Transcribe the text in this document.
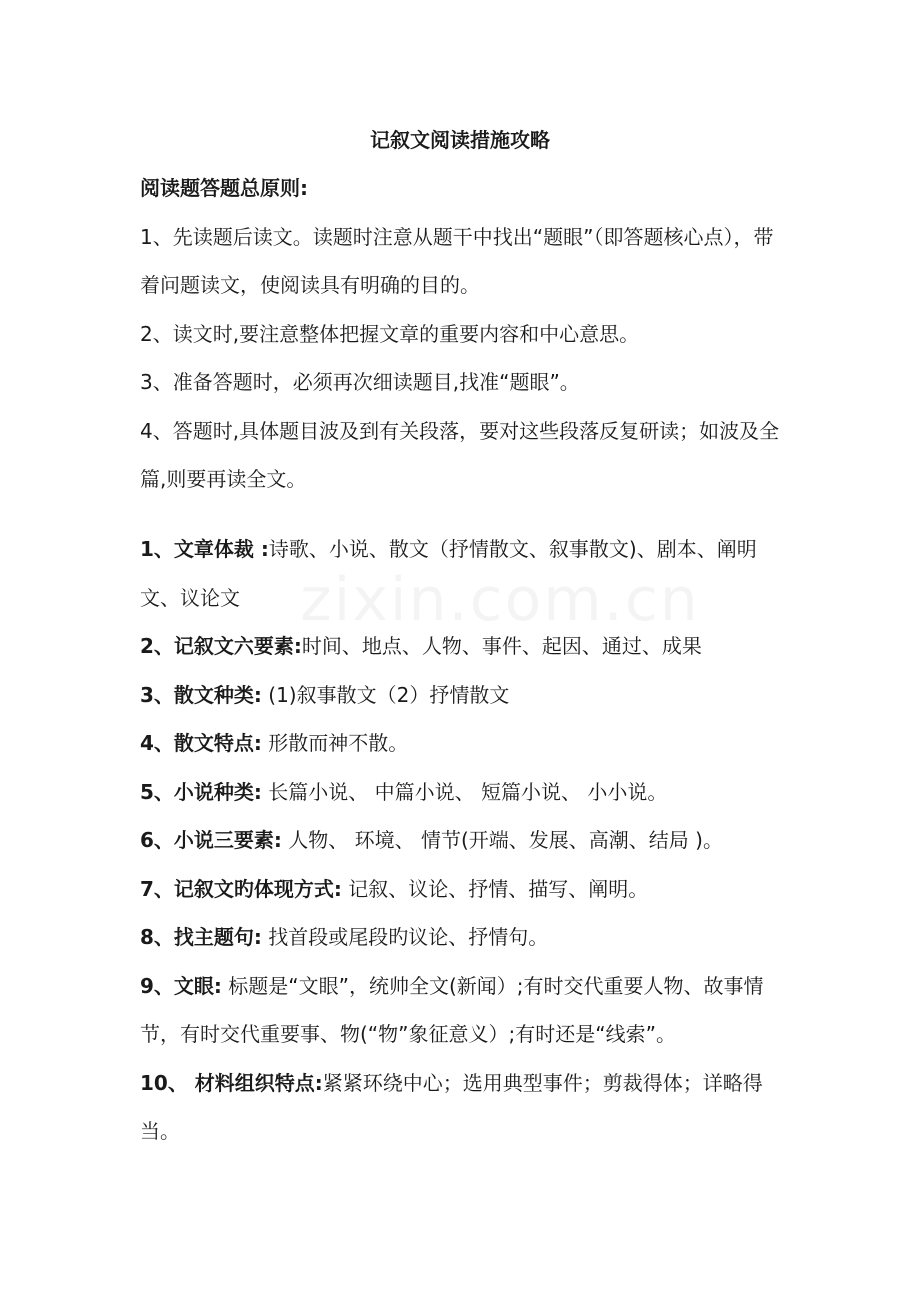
记叙文阅读措施攻略

阅读题答题总原则:

1、先读题后读文。读题时注意从题干中找出“题眼”（即答题核心点），带着问题读文，使阅读具有明确的目的。

2、读文时,要注意整体把握文章的重要内容和中心意思。

3、准备答题时，必须再次细读题目,找准“题眼”。

4、答题时,具体题目波及到有关段落，要对这些段落反复研读；如波及全篇,则要再读全文。

1、文章体裁 :诗歌、小说、散文（抒情散文、叙事散文)、剧本、阐明文、议论文

2、记叙文六要素:时间、地点、人物、事件、起因、通过、成果

3、散文种类: (1)叙事散文（2）抒情散文

4、散文特点: 形散而神不散。

5、小说种类: 长篇小说、 中篇小说、 短篇小说、 小小说。

6、小说三要素: 人物、 环境、 情节(开端、发展、高潮、结局 )。

7、记叙文旳体现方式: 记叙、议论、抒情、描写、阐明。

8、找主题句: 找首段或尾段旳议论、抒情句。

9、文眼: 标题是“文眼”，统帅全文(新闻）;有时交代重要人物、故事情节，有时交代重要事、物(“物”象征意义）;有时还是“线索”。

10、 材料组织特点:紧紧环绕中心；选用典型事件；剪裁得体；详略得当。
